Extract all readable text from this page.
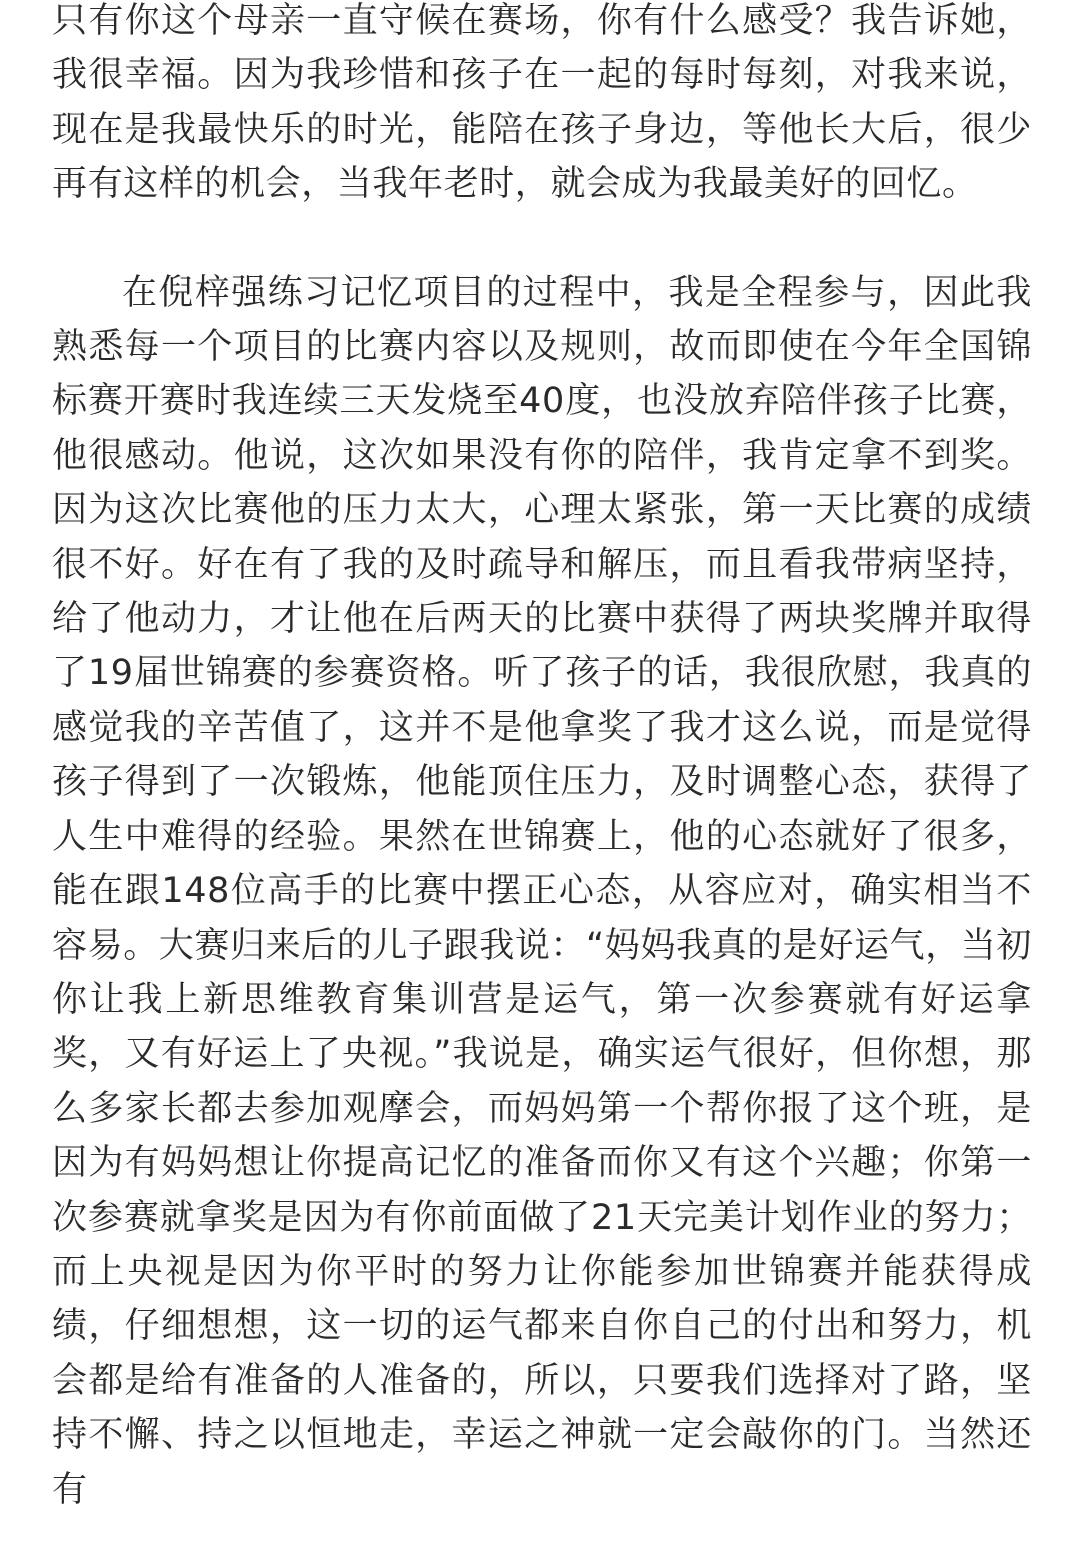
只有你这个母亲一直守候在赛场，你有什么感受？我告诉她，我很幸福。因为我珍惜和孩子在一起的每时每刻，对我来说，现在是我最快乐的时光，能陪在孩子身边，等他长大后，很少再有这样的机会，当我年老时，就会成为我最美好的回忆。

在倪梓强练习记忆项目的过程中，我是全程参与，因此我熟悉每一个项目的比赛内容以及规则，故而即使在今年全国锦标赛开赛时我连续三天发烧至40度，也没放弃陪伴孩子比赛，他很感动。他说，这次如果没有你的陪伴，我肯定拿不到奖。因为这次比赛他的压力太大，心理太紧张，第一天比赛的成绩很不好。好在有了我的及时疏导和解压，而且看我带病坚持，给了他动力，才让他在后两天的比赛中获得了两块奖牌并取得了19届世锦赛的参赛资格。听了孩子的话，我很欣慰，我真的感觉我的辛苦值了，这并不是他拿奖了我才这么说，而是觉得孩子得到了一次锻炼，他能顶住压力，及时调整心态，获得了人生中难得的经验。果然在世锦赛上，他的心态就好了很多，能在跟148位高手的比赛中摆正心态，从容应对，确实相当不容易。大赛归来后的儿子跟我说：“妈妈我真的是好运气，当初你让我上新思维教育集训营是运气，第一次参赛就有好运拿奖，又有好运上了央视。”我说是，确实运气很好，但你想，那么多家长都去参加观摩会，而妈妈第一个帮你报了这个班，是因为有妈妈想让你提高记忆的准备而你又有这个兴趣；你第一次参赛就拿奖是因为有你前面做了21天完美计划作业的努力；而上央视是因为你平时的努力让你能参加世锦赛并能获得成绩，仔细想想，这一切的运气都来自你自己的付出和努力，机会都是给有准备的人准备的，所以，只要我们选择对了路，坚持不懈、持之以恒地走，幸运之神就一定会敲你的门。当然还有
